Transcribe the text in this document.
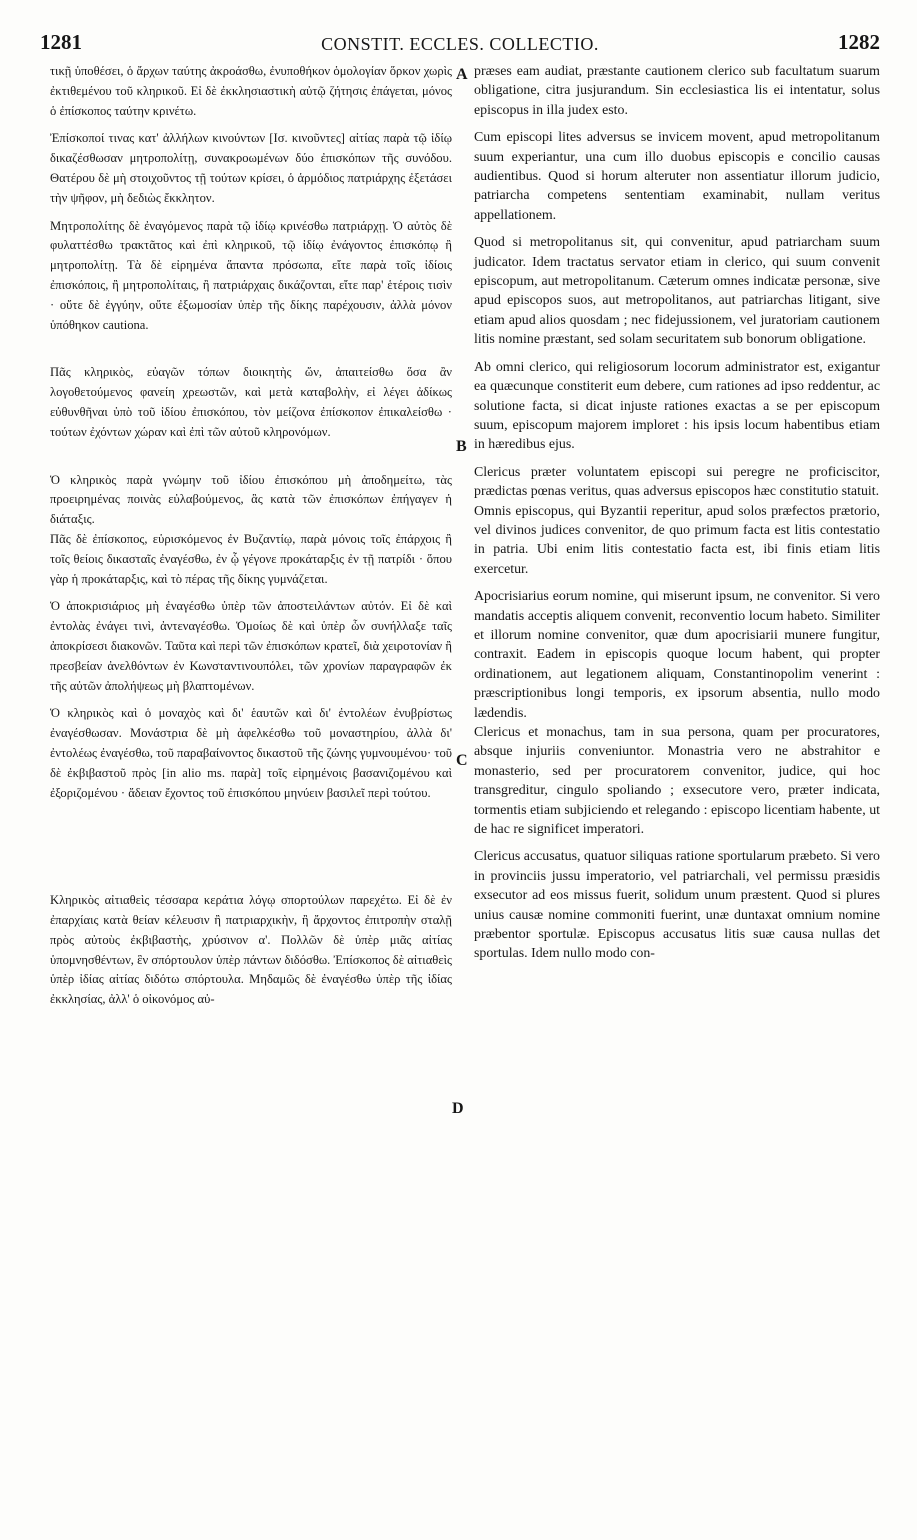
1281	CONSTIT. ECCLES. COLLECTIO.	1282
A
B
C
D

τικῇ ὑποθέσει, ὁ ἄρχων ταύτης ἀκροάσθω, ἐνυποθήκον ὁμολογίαν ὅρκον χωρὶς ἐκτιθεμένου τοῦ κληρικοῦ. Εἰ δὲ ἐκκλησιαστικὴ αὐτῷ ζήτησις ἐπάγεται, μόνος ὁ ἐπίσκοπος ταύτην κρινέτω.

Ἐπίσκοποί τινας κατ' ἀλλήλων κινούντων [Ισ. κινοῦντες] αἰτίας παρὰ τῷ ἰδίῳ δικαζέσθωσαν μητροπολίτῃ, συνακροωμένων δύο ἐπισκόπων τῆς συνόδου. Θατέρου δὲ μὴ στοιχοῦντος τῇ τούτων κρίσει, ὁ ἁρμόδιος πατριάρχης ἐξετάσει τὴν ψῆφον, μὴ δεδιὼς ἔκκλητον.

Μητροπολίτης δὲ ἐναγόμενος παρὰ τῷ ἰδίῳ κρινέσθω πατριάρχῃ. Ὁ αὐτὸς δὲ φυλαττέσθω τρακτᾶτος καὶ ἐπὶ κληρικοῦ, τῷ ἰδίῳ ἐνάγοντος ἐπισκόπῳ ἢ μητροπολίτῃ. Τὰ δὲ εἰρημένα ἅπαντα πρόσωπα, εἴτε παρὰ τοῖς ἰδίοις ἐπισκόποις, ἢ μητροπολίταις, ἢ πατριάρχαις δικάζονται, εἴτε παρ' ἑτέροις τισὶν · οὔτε δὲ ἐγγύην, οὔτε ἐξωμοσίαν ὑπὲρ τῆς δίκης παρέχουσιν, ἀλλὰ μόνον ὑπόθηκον cautiona.

Πᾶς κληρικὸς, εὐαγῶν τόπων διοικητὴς ὤν, ἀπαιτείσθω ὅσα ἂν λογοθετούμενος φανείη χρεωστῶν, καὶ μετὰ καταβολὴν, εἰ λέγει ἀδίκως εὐθυνθῆναι ὑπὸ τοῦ ἰδίου ἐπισκόπου, τὸν μείζονα ἐπίσκοπον ἐπικαλείσθω · τούτων ἐχόντων χώραν καὶ ἐπὶ τῶν αὐτοῦ κληρονόμων.

Ὁ κληρικὸς παρὰ γνώμην τοῦ ἰδίου ἐπισκόπου μὴ ἀποδημείτω, τὰς προειρημένας ποινὰς εὐλαβούμενος, ἃς κατὰ τῶν ἐπισκόπων ἐπήγαγεν ἡ διάταξις.

Πᾶς δὲ ἐπίσκοπος, εὑρισκόμενος ἐν Βυζαντίῳ, παρὰ μόνοις τοῖς ἐπάρχοις ἢ τοῖς θείοις δικασταῖς ἐναγέσθω, ἐν ᾧ γέγονε προκάταρξις ἐν τῇ πατρίδι · ὅπου γὰρ ἡ προκάταρξις, καὶ τὸ πέρας τῆς δίκης γυμνάζεται.

Ὁ ἀποκρισιάριος μὴ ἐναγέσθω ὑπὲρ τῶν ἀποστειλάντων αὐτόν. Εἰ δὲ καὶ ἐντολὰς ἐνάγει τινὶ, ἀντεναγέσθω. Ὁμοίως δὲ καὶ ὑπὲρ ὧν συνήλλαξε ταῖς ἀποκρίσεσι διακονῶν. Ταῦτα καὶ περὶ τῶν ἐπισκόπων κρατεῖ, διὰ χειροτονίαν ἢ πρεσβείαν ἀνελθόντων ἐν Κωνσταντινουπόλει, τῶν χρονίων παραγραφῶν ἐκ τῆς αὐτῶν ἀπολήψεως μὴ βλαπτομένων.

Ὁ κληρικὸς καὶ ὁ μοναχὸς καὶ δι' ἑαυτῶν καὶ δι' ἐντολέων ἐνυβρίστως ἐναγέσθωσαν. Μονάστρια δὲ μὴ ἀφελκέσθω τοῦ μοναστηρίου, ἀλλὰ δι' ἐντολέως ἐναγέσθω, τοῦ παραβαίνοντος δικαστοῦ τῆς ζώνης γυμνουμένου· τοῦ δὲ ἐκβιβαστοῦ πρὸς [in alio ms. παρὰ] τοῖς εἰρημένοις βασανιζομένου καὶ ἐξοριζομένου · ἄδειαν ἔχοντος τοῦ ἐπισκόπου μηνύειν βασιλεῖ περὶ τούτου.

Κληρικὸς αἰτιαθεὶς τέσσαρα κεράτια λόγῳ σπορτούλων παρεχέτω. Εἰ δὲ ἐν ἐπαρχίαις κατὰ θείαν κέλευσιν ἢ πατριαρχικὴν, ἢ ἄρχοντος ἐπιτροπὴν σταλῇ πρὸς αὐτοὺς ἐκβιβαστὴς, χρύσινον α'. Πολλῶν δὲ ὑπὲρ μιᾶς αἰτίας ὑπομνησθέντων, ἓν σπόρτουλον ὑπὲρ πάντων διδόσθω. Ἐπίσκοπος δὲ αἰτιαθεὶς ὑπὲρ ἰδίας αἰτίας διδότω σπόρτουλα. Μηδαμῶς δὲ ἐναγέσθω ὑπὲρ τῆς ἰδίας ἐκκλησίας, ἀλλ' ὁ οἰκονόμος αὐ-

præses eam audiat, præstante cautionem clerico sub facultatum suarum obligatione, citra jusjurandum. Sin ecclesiastica lis ei intentatur, solus episcopus in illa judex esto.

Cum episcopi lites adversus se invicem movent, apud metropolitanum suum experiantur, una cum illo duobus episcopis e concilio causas audientibus. Quod si horum alteruter non assentiatur illorum judicio, patriarcha competens sententiam examinabit, nullam veritus appellationem.

Quod si metropolitanus sit, qui convenitur, apud patriarcham suum judicator. Idem tractatus servator etiam in clerico, qui suum convenit episcopum, aut metropolitanum. Cæterum omnes indicatæ personæ, sive apud episcopos suos, aut metropolitanos, aut patriarchas litigant, sive etiam apud alios quosdam ; nec fidejussionem, vel juratoriam cautionem litis nomine præstant, sed solam securitatem sub bonorum obligatione.

Ab omni clerico, qui religiosorum locorum administrator est, exigantur ea quæcunque constiterit eum debere, cum rationes ad ipso reddentur, ac solutione facta, si dicat injuste rationes exactas a se per episcopum suum, episcopum majorem imploret : his ipsis locum habentibus etiam in hæredibus ejus.

Clericus præter voluntatem episcopi sui peregre ne proficiscitor, prædictas pœnas veritus, quas adversus episcopos hæc constitutio statuit.

Omnis episcopus, qui Byzantii reperitur, apud solos præfectos prætorio, vel divinos judices convenitor, de quo primum facta est litis contestatio in patria. Ubi enim litis contestatio facta est, ibi finis etiam litis exercetur.

Apocrisiarius eorum nomine, qui miserunt ipsum, ne convenitor. Si vero mandatis acceptis aliquem convenit, reconventio locum habeto. Similiter et illorum nomine convenitor, quæ dum apocrisiarii munere fungitur, contraxit. Eadem in episcopis quoque locum habent, qui propter ordinationem, aut legationem aliquam, Constantinopolim venerint : præscriptionibus longi temporis, ex ipsorum absentia, nullo modo lædendis.

Clericus et monachus, tam in sua persona, quam per procuratores, absque injuriis conveniuntor. Monastria vero ne abstrahitor e monasterio, sed per procuratorem convenitor, judice, qui hoc transgreditur, cingulo spoliando ; exsecutore vero, præter indicata, tormentis etiam subjiciendo et relegando : episcopo licentiam habente, ut de hac re significet imperatori.

Clericus accusatus, quatuor siliquas ratione sportularum præbeto. Si vero in provinciis jussu imperatorio, vel patriarchali, vel permissu præsidis exsecutor ad eos missus fuerit, solidum unum præstent. Quod si plures unius causæ nomine commoniti fuerint, unæ duntaxat omnium nomine præbentor sportulæ. Episcopus accusatus litis suæ causa nullas det sportulas. Idem nullo modo con-
